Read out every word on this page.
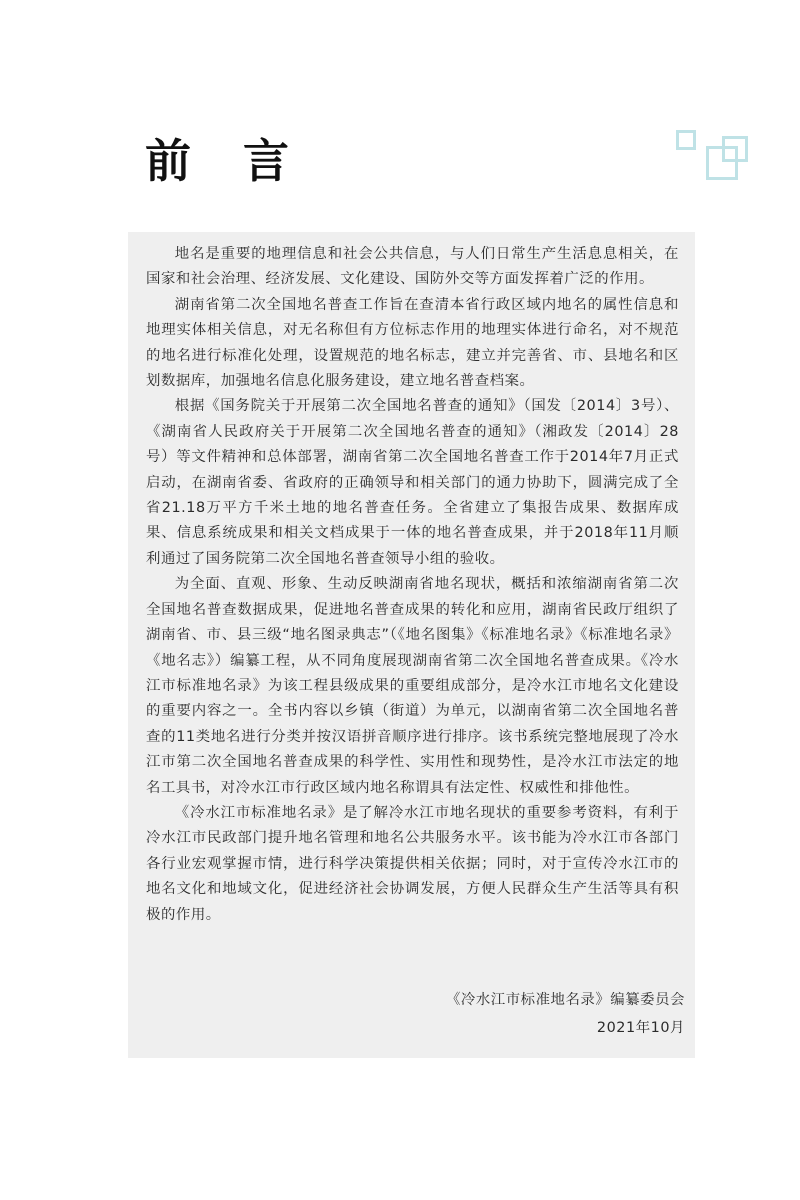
前 言

地名是重要的地理信息和社会公共信息，与人们日常生产生活息息相关，在国家和社会治理、经济发展、文化建设、国防外交等方面发挥着广泛的作用。

湖南省第二次全国地名普查工作旨在查清本省行政区域内地名的属性信息和地理实体相关信息，对无名称但有方位标志作用的地理实体进行命名，对不规范的地名进行标准化处理，设置规范的地名标志，建立并完善省、市、县地名和区划数据库，加强地名信息化服务建设，建立地名普查档案。

根据《国务院关于开展第二次全国地名普查的通知》（国发〔2014〕3号）、《湖南省人民政府关于开展第二次全国地名普查的通知》（湘政发〔2014〕28号）等文件精神和总体部署，湖南省第二次全国地名普查工作于2014年7月正式启动，在湖南省委、省政府的正确领导和相关部门的通力协助下，圆满完成了全省21.18万平方千米土地的地名普查任务。全省建立了集报告成果、数据库成果、信息系统成果和相关文档成果于一体的地名普查成果，并于2018年11月顺利通过了国务院第二次全国地名普查领导小组的验收。

为全面、直观、形象、生动反映湖南省地名现状，概括和浓缩湖南省第二次全国地名普查数据成果，促进地名普查成果的转化和应用，湖南省民政厅组织了湖南省、市、县三级“地名图录典志”（《地名图集》《标准地名录》《标准地名录》《地名志》）编纂工程，从不同角度展现湖南省第二次全国地名普查成果。《冷水江市标准地名录》为该工程县级成果的重要组成部分，是冷水江市地名文化建设的重要内容之一。全书内容以乡镇（街道）为单元，以湖南省第二次全国地名普查的11类地名进行分类并按汉语拼音顺序进行排序。该书系统完整地展现了冷水江市第二次全国地名普查成果的科学性、实用性和现势性，是冷水江市法定的地名工具书，对冷水江市行政区域内地名称谓具有法定性、权威性和排他性。

《冷水江市标准地名录》是了解冷水江市地名现状的重要参考资料，有利于冷水江市民政部门提升地名管理和地名公共服务水平。该书能为冷水江市各部门各行业宏观掌握市情，进行科学决策提供相关依据；同时，对于宣传冷水江市的地名文化和地域文化，促进经济社会协调发展，方便人民群众生产生活等具有积极的作用。

《冷水江市标准地名录》编纂委员会
2021年10月
